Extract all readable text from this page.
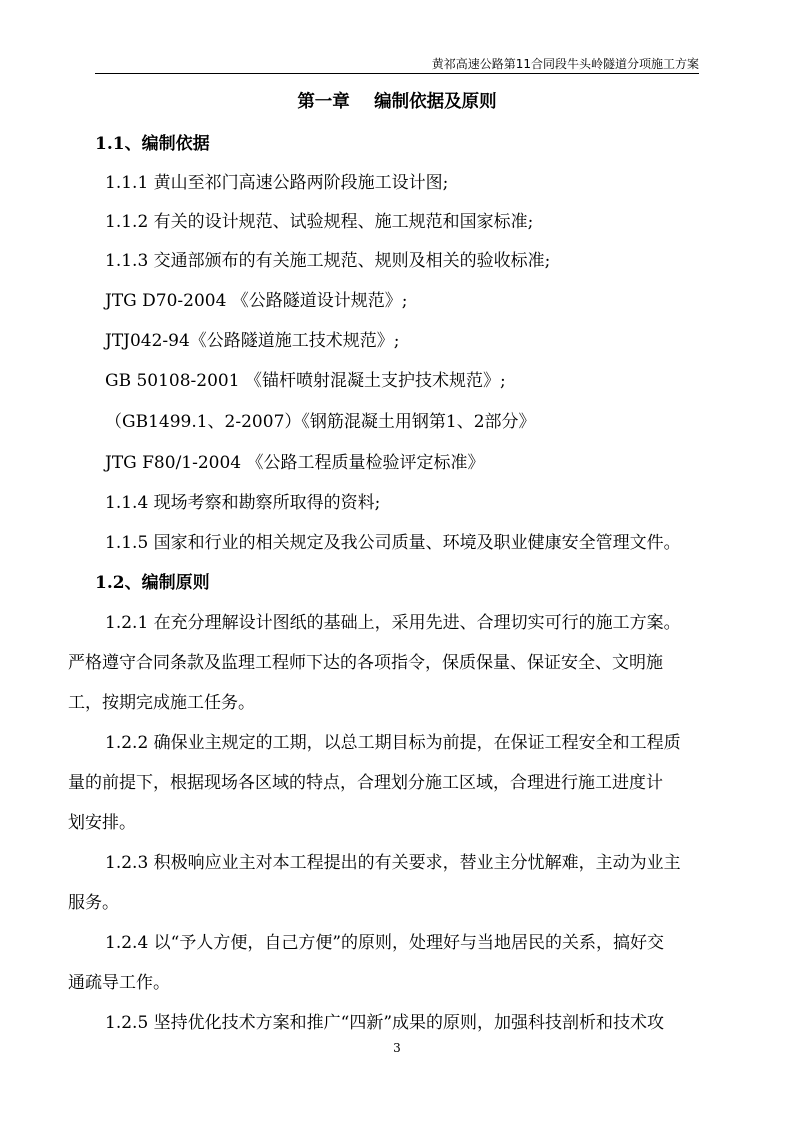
黄祁高速公路第11合同段牛头岭隧道分项施工方案
第一章    编制依据及原则
1.1、编制依据
1.1.1 黄山至祁门高速公路两阶段施工设计图;
1.1.2 有关的设计规范、试验规程、施工规范和国家标准;
1.1.3 交通部颁布的有关施工规范、规则及相关的验收标准;
JTG D70-2004 《公路隧道设计规范》;
JTJ042-94《公路隧道施工技术规范》;
GB 50108-2001 《锚杆喷射混凝土支护技术规范》;
（GB1499.1、2-2007）《钢筋混凝土用钢第1、2部分》
JTG F80/1-2004 《公路工程质量检验评定标准》
1.1.4 现场考察和勘察所取得的资料;
1.1.5 国家和行业的相关规定及我公司质量、环境及职业健康安全管理文件。
1.2、编制原则
1.2.1 在充分理解设计图纸的基础上，采用先进、合理切实可行的施工方案。
严格遵守合同条款及监理工程师下达的各项指令，保质保量、保证安全、文明施
工，按期完成施工任务。
1.2.2 确保业主规定的工期，以总工期目标为前提，在保证工程安全和工程质
量的前提下，根据现场各区域的特点，合理划分施工区域，合理进行施工进度计
划安排。
1.2.3 积极响应业主对本工程提出的有关要求，替业主分忧解难，主动为业主
服务。
1.2.4 以“予人方便，自己方便”的原则，处理好与当地居民的关系，搞好交
通疏导工作。
1.2.5 坚持优化技术方案和推广“四新”成果的原则，加强科技剖析和技术攻
3
